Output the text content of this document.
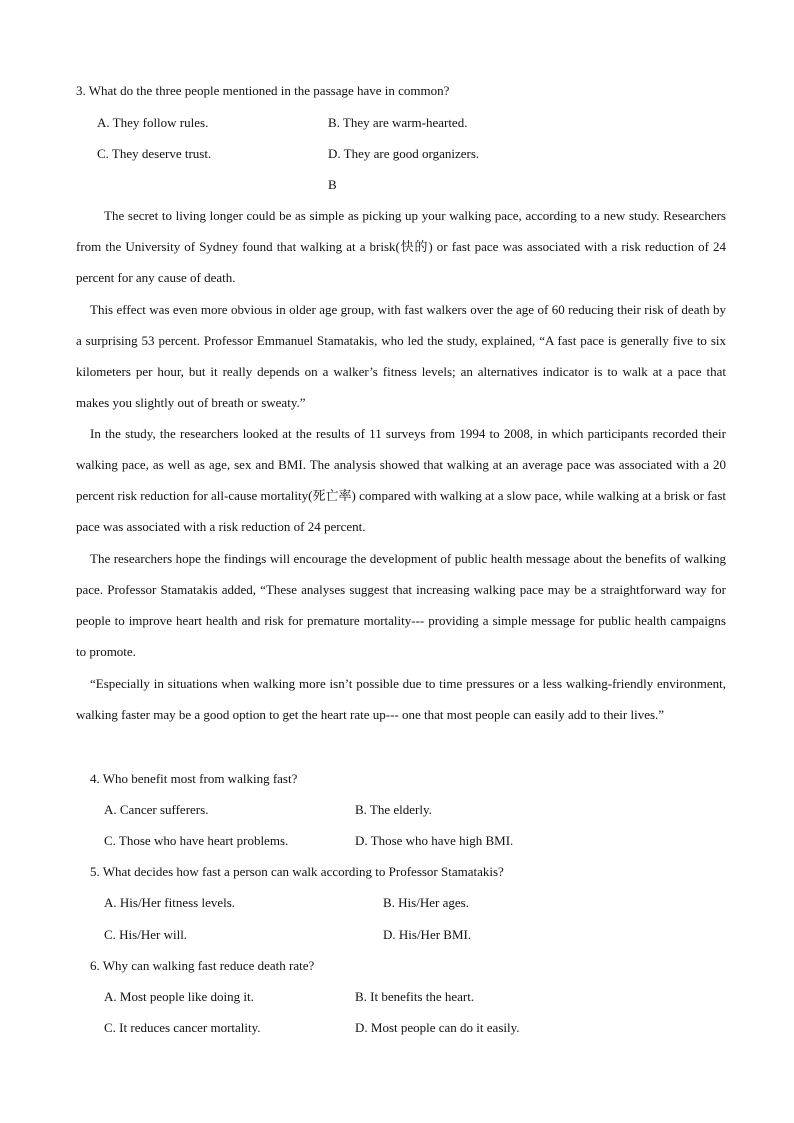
3. What do the three people mentioned in the passage have in common?
A. They follow rules.	B. They are warm-hearted.
C. They deserve trust.	D. They are good organizers.
B
The secret to living longer could be as simple as picking up your walking pace, according to a new study. Researchers from the University of Sydney found that walking at a brisk(快的) or fast pace was associated with a risk reduction of 24 percent for any cause of death.
This effect was even more obvious in older age group, with fast walkers over the age of 60 reducing their risk of death by a surprising 53 percent. Professor Emmanuel Stamatakis, who led the study, explained, “A fast pace is generally five to six kilometers per hour, but it really depends on a walker’s fitness levels; an alternatives indicator is to walk at a pace that makes you slightly out of breath or sweaty.”
In the study, the researchers looked at the results of 11 surveys from 1994 to 2008, in which participants recorded their walking pace, as well as age, sex and BMI. The analysis showed that walking at an average pace was associated with a 20 percent risk reduction for all-cause mortality(死亡率) compared with walking at a slow pace, while walking at a brisk or fast pace was associated with a risk reduction of 24 percent.
The researchers hope the findings will encourage the development of public health message about the benefits of walking pace. Professor Stamatakis added, “These analyses suggest that increasing walking pace may be a straightforward way for people to improve heart health and risk for premature mortality--- providing a simple message for public health campaigns to promote.
“Especially in situations when walking more isn’t possible due to time pressures or a less walking-friendly environment, walking faster may be a good option to get the heart rate up--- one that most people can easily add to their lives.”
4. Who benefit most from walking fast?
A. Cancer sufferers.	B. The elderly.
C. Those who have heart problems.	D. Those who have high BMI.
5. What decides how fast a person can walk according to Professor Stamatakis?
A. His/Her fitness levels.	B. His/Her ages.
C. His/Her will.	D. His/Her BMI.
6. Why can walking fast reduce death rate?
A. Most people like doing it.	B. It benefits the heart.
C. It reduces cancer mortality.	D. Most people can do it easily.
